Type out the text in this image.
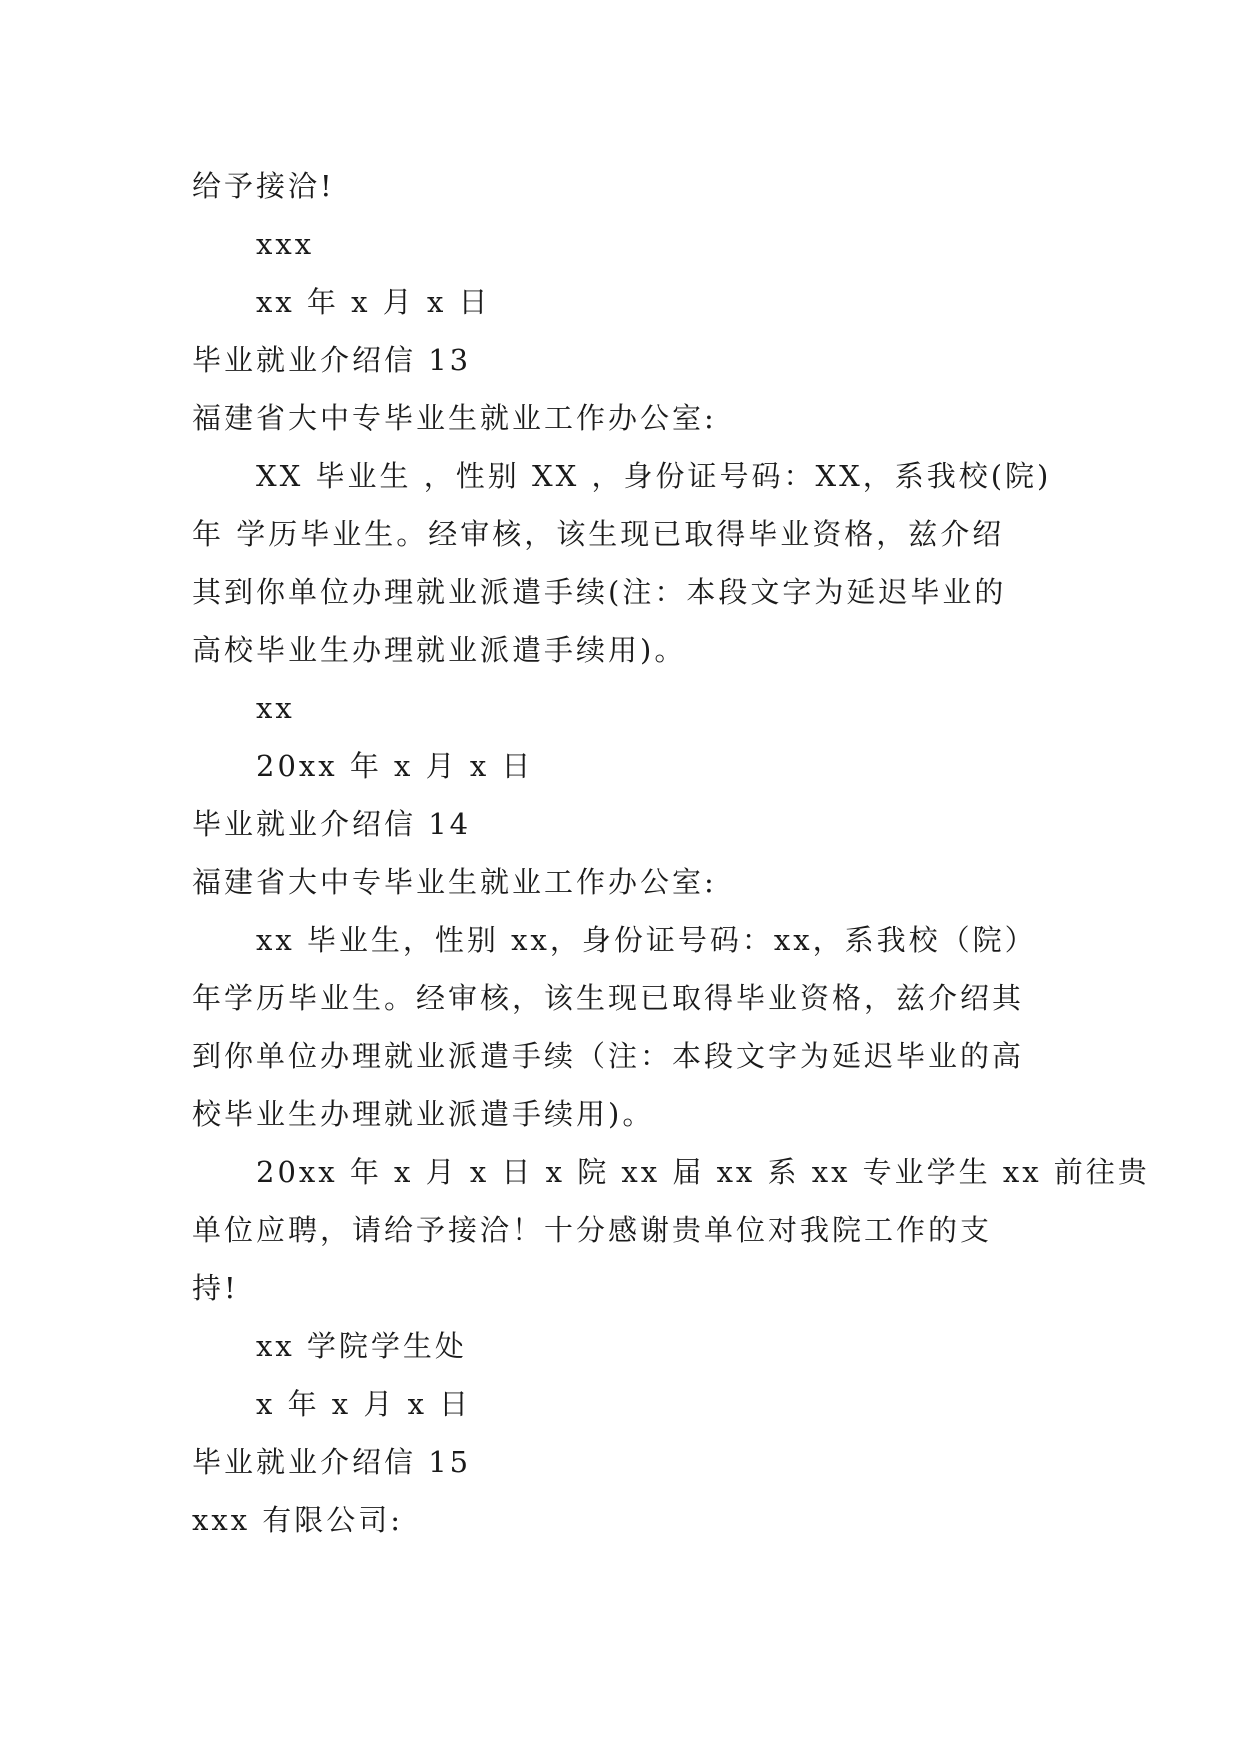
给予接洽!
xxx
xx 年 x 月 x 日
毕业就业介绍信 13
福建省大中专毕业生就业工作办公室:
XX 毕业生 ，性别 XX ，身份证号码：XX，系我校(院)
年 学历毕业生。经审核，该生现已取得毕业资格，兹介绍
其到你单位办理就业派遣手续(注：本段文字为延迟毕业的
高校毕业生办理就业派遣手续用)。
xx
20xx 年 x 月 x 日
毕业就业介绍信 14
福建省大中专毕业生就业工作办公室:
xx 毕业生，性别 xx，身份证号码：xx，系我校（院）
年学历毕业生。经审核，该生现已取得毕业资格，兹介绍其
到你单位办理就业派遣手续（注：本段文字为延迟毕业的高
校毕业生办理就业派遣手续用)。
20xx 年 x 月 x 日 x 院 xx 届 xx 系 xx 专业学生 xx 前往贵
单位应聘，请给予接洽！十分感谢贵单位对我院工作的支
持!
xx 学院学生处
x 年 x 月 x 日
毕业就业介绍信 15
xxx 有限公司:
